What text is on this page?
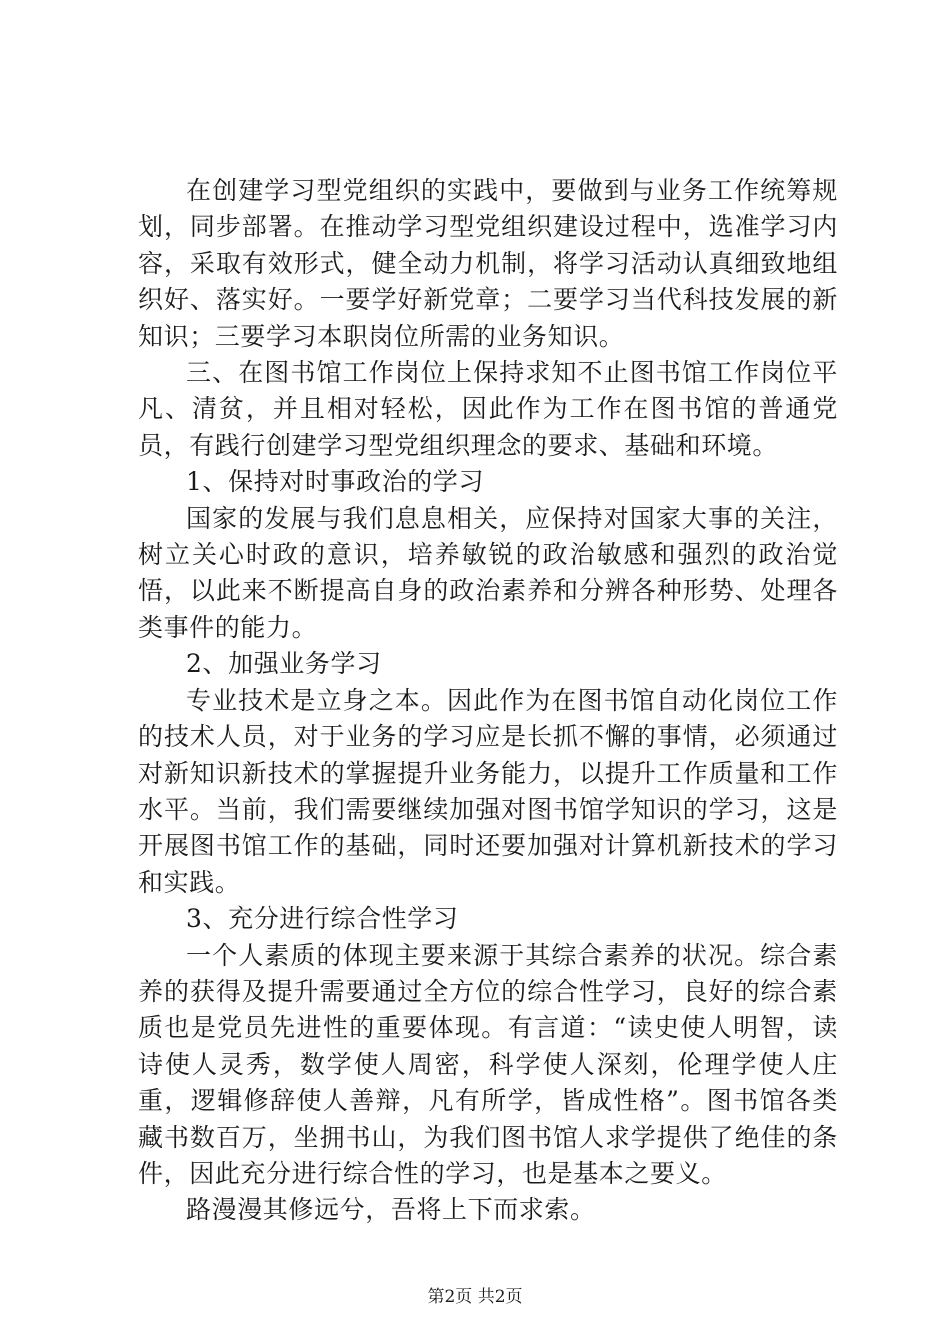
在创建学习型党组织的实践中，要做到与业务工作统筹规划，同步部署。在推动学习型党组织建设过程中，选准学习内容，采取有效形式，健全动力机制，将学习活动认真细致地组织好、落实好。一要学好新党章；二要学习当代科技发展的新知识；三要学习本职岗位所需的业务知识。

三、在图书馆工作岗位上保持求知不止图书馆工作岗位平凡、清贫，并且相对轻松，因此作为工作在图书馆的普通党员，有践行创建学习型党组织理念的要求、基础和环境。

1、保持对时事政治的学习

国家的发展与我们息息相关，应保持对国家大事的关注，树立关心时政的意识，培养敏锐的政治敏感和强烈的政治觉悟，以此来不断提高自身的政治素养和分辨各种形势、处理各类事件的能力。

2、加强业务学习

专业技术是立身之本。因此作为在图书馆自动化岗位工作的技术人员，对于业务的学习应是长抓不懈的事情，必须通过对新知识新技术的掌握提升业务能力，以提升工作质量和工作水平。当前，我们需要继续加强对图书馆学知识的学习，这是开展图书馆工作的基础，同时还要加强对计算机新技术的学习和实践。

3、充分进行综合性学习

一个人素质的体现主要来源于其综合素养的状况。综合素养的获得及提升需要通过全方位的综合性学习，良好的综合素质也是党员先进性的重要体现。有言道：“读史使人明智，读诗使人灵秀，数学使人周密，科学使人深刻，伦理学使人庄重，逻辑修辞使人善辩，凡有所学，皆成性格”。图书馆各类藏书数百万，坐拥书山，为我们图书馆人求学提供了绝佳的条件，因此充分进行综合性的学习，也是基本之要义。

路漫漫其修远兮，吾将上下而求索。

第2页 共2页
